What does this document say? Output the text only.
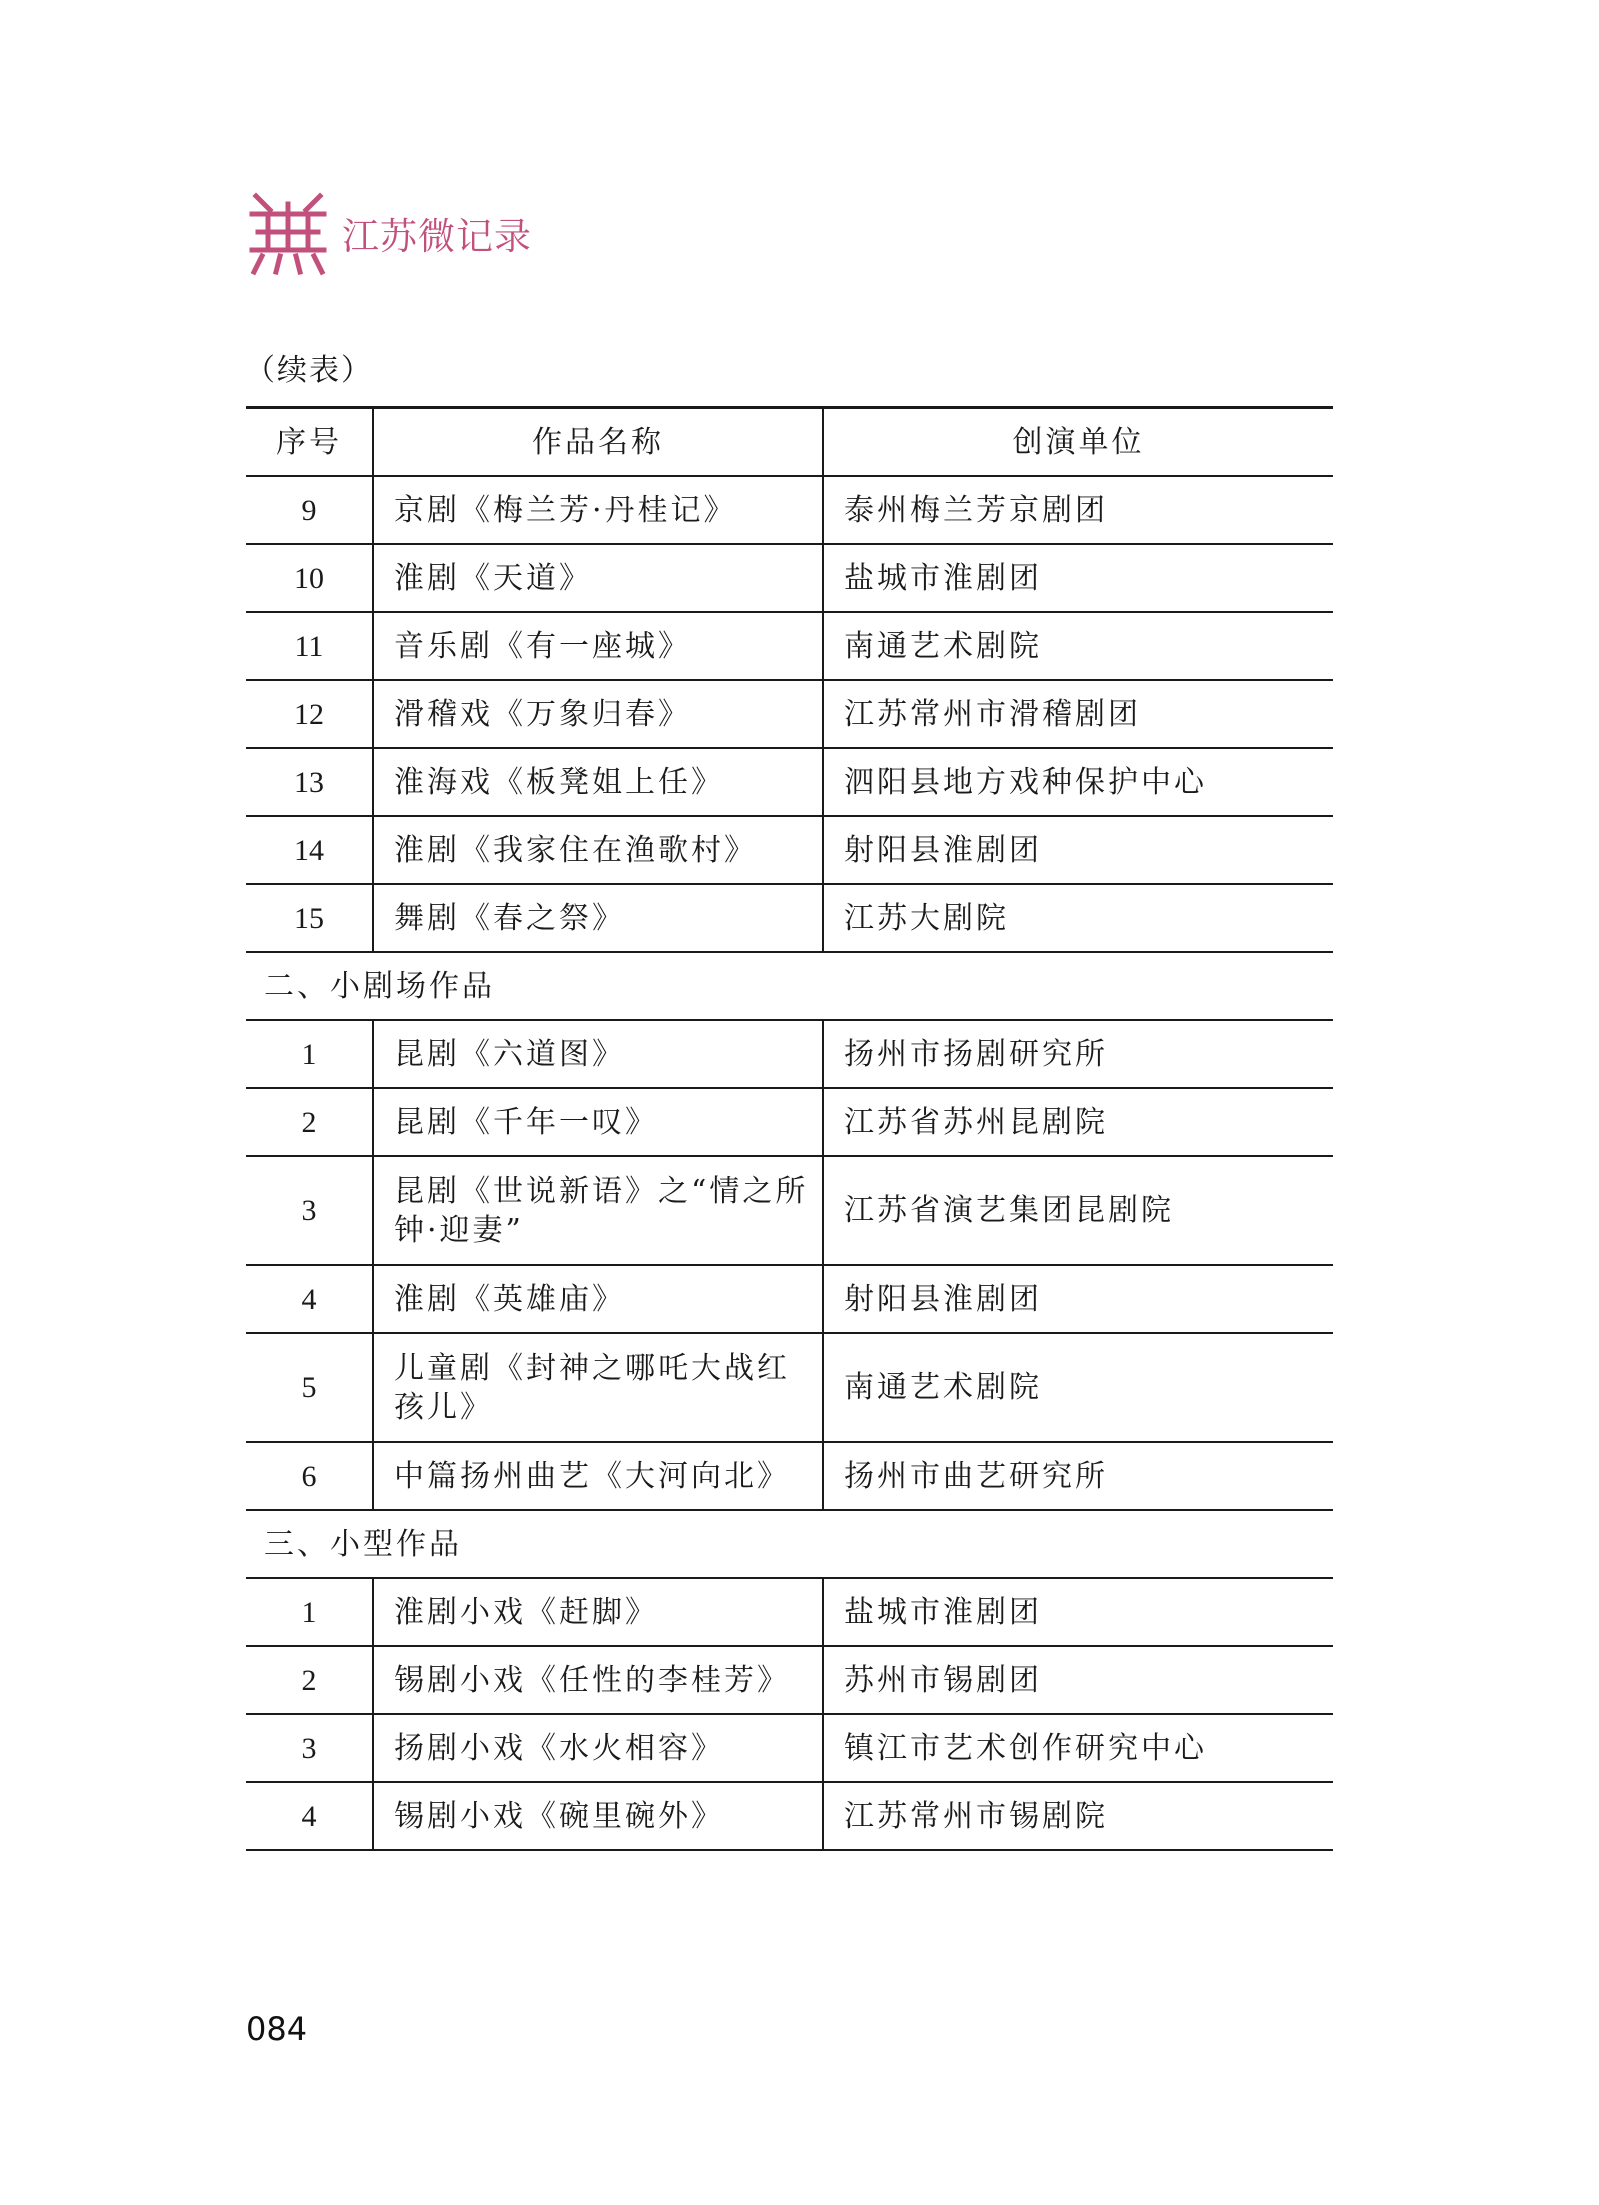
江苏微记录
（续表）
序号	作品名称	创演单位
9	京剧《梅兰芳·丹桂记》	泰州梅兰芳京剧团
10	淮剧《天道》	盐城市淮剧团
11	音乐剧《有一座城》	南通艺术剧院
12	滑稽戏《万象归春》	江苏常州市滑稽剧团
13	淮海戏《板凳姐上任》	泗阳县地方戏种保护中心
14	淮剧《我家住在渔歌村》	射阳县淮剧团
15	舞剧《春之祭》	江苏大剧院
二、小剧场作品		
1	昆剧《六道图》	扬州市扬剧研究所
2	昆剧《千年一叹》	江苏省苏州昆剧院
3	昆剧《世说新语》之“情之所钟·迎妻”	江苏省演艺集团昆剧院
4	淮剧《英雄庙》	射阳县淮剧团
5	儿童剧《封神之哪吒大战红孩儿》	南通艺术剧院
6	中篇扬州曲艺《大河向北》	扬州市曲艺研究所
三、小型作品		
1	淮剧小戏《赶脚》	盐城市淮剧团
2	锡剧小戏《任性的李桂芳》	苏州市锡剧团
3	扬剧小戏《水火相容》	镇江市艺术创作研究中心
4	锡剧小戏《碗里碗外》	江苏常州市锡剧院
084
